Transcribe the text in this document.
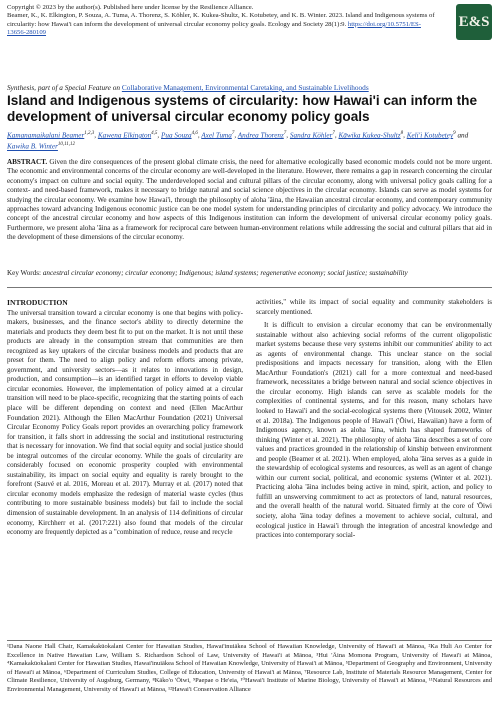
Copyright © 2023 by the author(s). Published here under license by the Resilience Alliance.
Beamer, K., K. Elkington, P. Souza, A. Tuma, A. Thorenz, S. Köhler, K. Kukea-Shultz, K. Kotubetey, and K. B. Winter. 2023. Island and Indigenous systems of circularity: how Hawai'i can inform the development of universal circular economy policy goals. Ecology and Society 28(1):9. https://doi.org/10.5751/ES-13656-280109
E&S
Synthesis, part of a Special Feature on Collaborative Management, Environmental Caretaking, and Sustainable Livelihoods
Island and Indigenous systems of circularity: how Hawai'i can inform the development of universal circular economy policy goals
Kamanamaikalani Beamer$^{1,2,3}$, Kawena Elkington$^{4,5}$, Pua Souza$^{4,6}$, Axel Tuma$^7$, Andrea Thorenz$^7$, Sandra Köhler$^7$, Kāwika Kukea-Shultz$^8$, Keli'i Kotubetey$^9$ and Kawika B. Winter$^{10,11,12}$
ABSTRACT. Given the dire consequences of the present global climate crisis, the need for alternative ecologically based economic models could not be more urgent. The economic and environmental concerns of the circular economy are well-developed in the literature. However, there remains a gap in research concerning the circular economy's impact on culture and social equity. The underdeveloped social and cultural pillars of the circular economy, along with universal policy goals calling for a context- and need-based framework, makes it necessary to bridge natural and social science objectives in the circular economy. Islands can serve as model systems for studying the circular economy. We examine how Hawai'i, through the philosophy of aloha 'āina, the Hawaiian ancestral circular economy, and contemporary community approaches toward advancing Indigenous economic justice can be one model system for understanding principles of circularity and policy advocacy. We introduce the concept of the ancestral circular economy and how aspects of this Indigenous institution can inform the development of universal circular economy policy goals. Furthermore, we present aloha 'āina as a framework for reciprocal care between human-environment relations while addressing the social and cultural pillars that aid in the development of these dimensions of the circular economy.
Key Words: ancestral circular economy; circular economy; Indigenous; island systems; regenerative economy; social justice; sustainability
INTRODUCTION

The universal transition toward a circular economy is one that begins with policy-makers, businesses, and the finance sector's ability to directly determine the materials and products they deem best fit to put on the market. It is not until these products are already in the consumption stream that communities are then recognized as key uptakers of the circular business models and products that are preset for them. The need to align policy and reform efforts among private, government, and university sectors—as it relates to innovations in design, production, and consumption—is an identified target in efforts to develop viable circular economies. However, the implementation of policy aimed at a circular transition will need to be place-specific, recognizing that the starting points of each place will be different depending on context and need (Ellen MacArthur Foundation 2021). Although the Ellen MacArthur Foundation (2021) Universal Circular Economy Policy Goals report provides an overarching policy framework for transition, it falls short in addressing the social and institutional restructuring that is necessary for innovation. We find that social equity and social justice should be integral outcomes of the circular economy. While the goals of circularity are considerably focused on economic prosperity coupled with environmental sustainability, its impact on social equity and equality is rarely brought to the forefront (Sauvé et al. 2016, Moreau et al. 2017). Murray et al. (2017) noted that circular economy models emphasize the redesign of material waste cycles (thus contributing to more sustainable business models) but fail to include the social dimension of sustainable development. In an analysis of 114 definitions of circular economy, Kirchherr et al. (2017:221) also found that models of the circular economy are frequently depicted as a "combination of reduce, reuse and recycle

activities," while its impact of social equality and community stakeholders is scarcely mentioned.

It is difficult to envision a circular economy that can be environmentally sustainable without also achieving social reforms of the current oligopolistic market systems because these very systems inhibit our communities' ability to act as agents of environmental change. This unclear stance on the social predispositions and impacts necessary for transition, along with the Ellen MacArthur Foundation's (2021) call for a more contextual and need-based framework, necessitates a bridge between natural and social science objectives in the circular economy. High islands can serve as scalable models for the complexities of continental systems, and for this reason, many scholars have looked to Hawai'i and the social-ecological systems there (Vitousek 2002, Winter et al. 2018a). The Indigenous people of Hawai'i ('Ōiwi, Hawaiian) have a form of Indigenous agency, known as aloha 'āina, which has shaped frameworks of thinking (Winter et al. 2021). The philosophy of aloha 'āina describes a set of core values and practices grounded in the relationship of kinship between environment and people (Beamer et al. 2021). When employed, aloha 'āina serves as a guide in the stewardship of ecological systems and resources, as well as an agent of change within our current social, political, and economic systems (Winter et al. 2021). Practicing aloha 'āina includes being active in mind, spirit, action, and policy to fulfill an unswerving commitment to act as protectors of land, natural resources, and the overall health of the natural world. Situated firmly at the core of 'Ōiwi society, aloha 'āina today defines a movement to achieve social, cultural, and ecological justice in Hawai'i through the integration of ancestral knowledge and practices into contemporary social-

¹Dana Naone Hall Chair, Kamakakūokalani Center for Hawaiian Studies, Hawai'inuiākea School of Hawaiian Knowledge, University of Hawai'i at Mānoa, ²Ka Huli Ao Center for Excellence in Native Hawaiian Law, William S. Richardson School of Law, University of Hawai'i at Mānoa, ³Hui 'Āina Momona Program, University of Hawai'i at Mānoa, ⁴Kamakakūokalani Center for Hawaiian Studies, Hawai'inuiākea School of Hawaiian Knowledge, University of Hawai'i at Mānoa, ⁵Department of Geography and Environment, University of Hawai'i at Mānoa, ⁶Department of Curriculum Studies, College of Education, University of Hawai'i at Mānoa, ⁷Resource Lab, Institute of Materials Resource Management, Center for Climate Resilience, University of Augsburg, Germany, ⁸Kāko'o 'Ōiwi, ⁹Paepae o He'eia, ¹⁰Hawai'i Institute of Marine Biology, University of Hawai'i at Mānoa, ¹¹Natural Resources and Environmental Management, University of Hawai'i at Mānoa, ¹²Hawai'i Conservation Alliance
